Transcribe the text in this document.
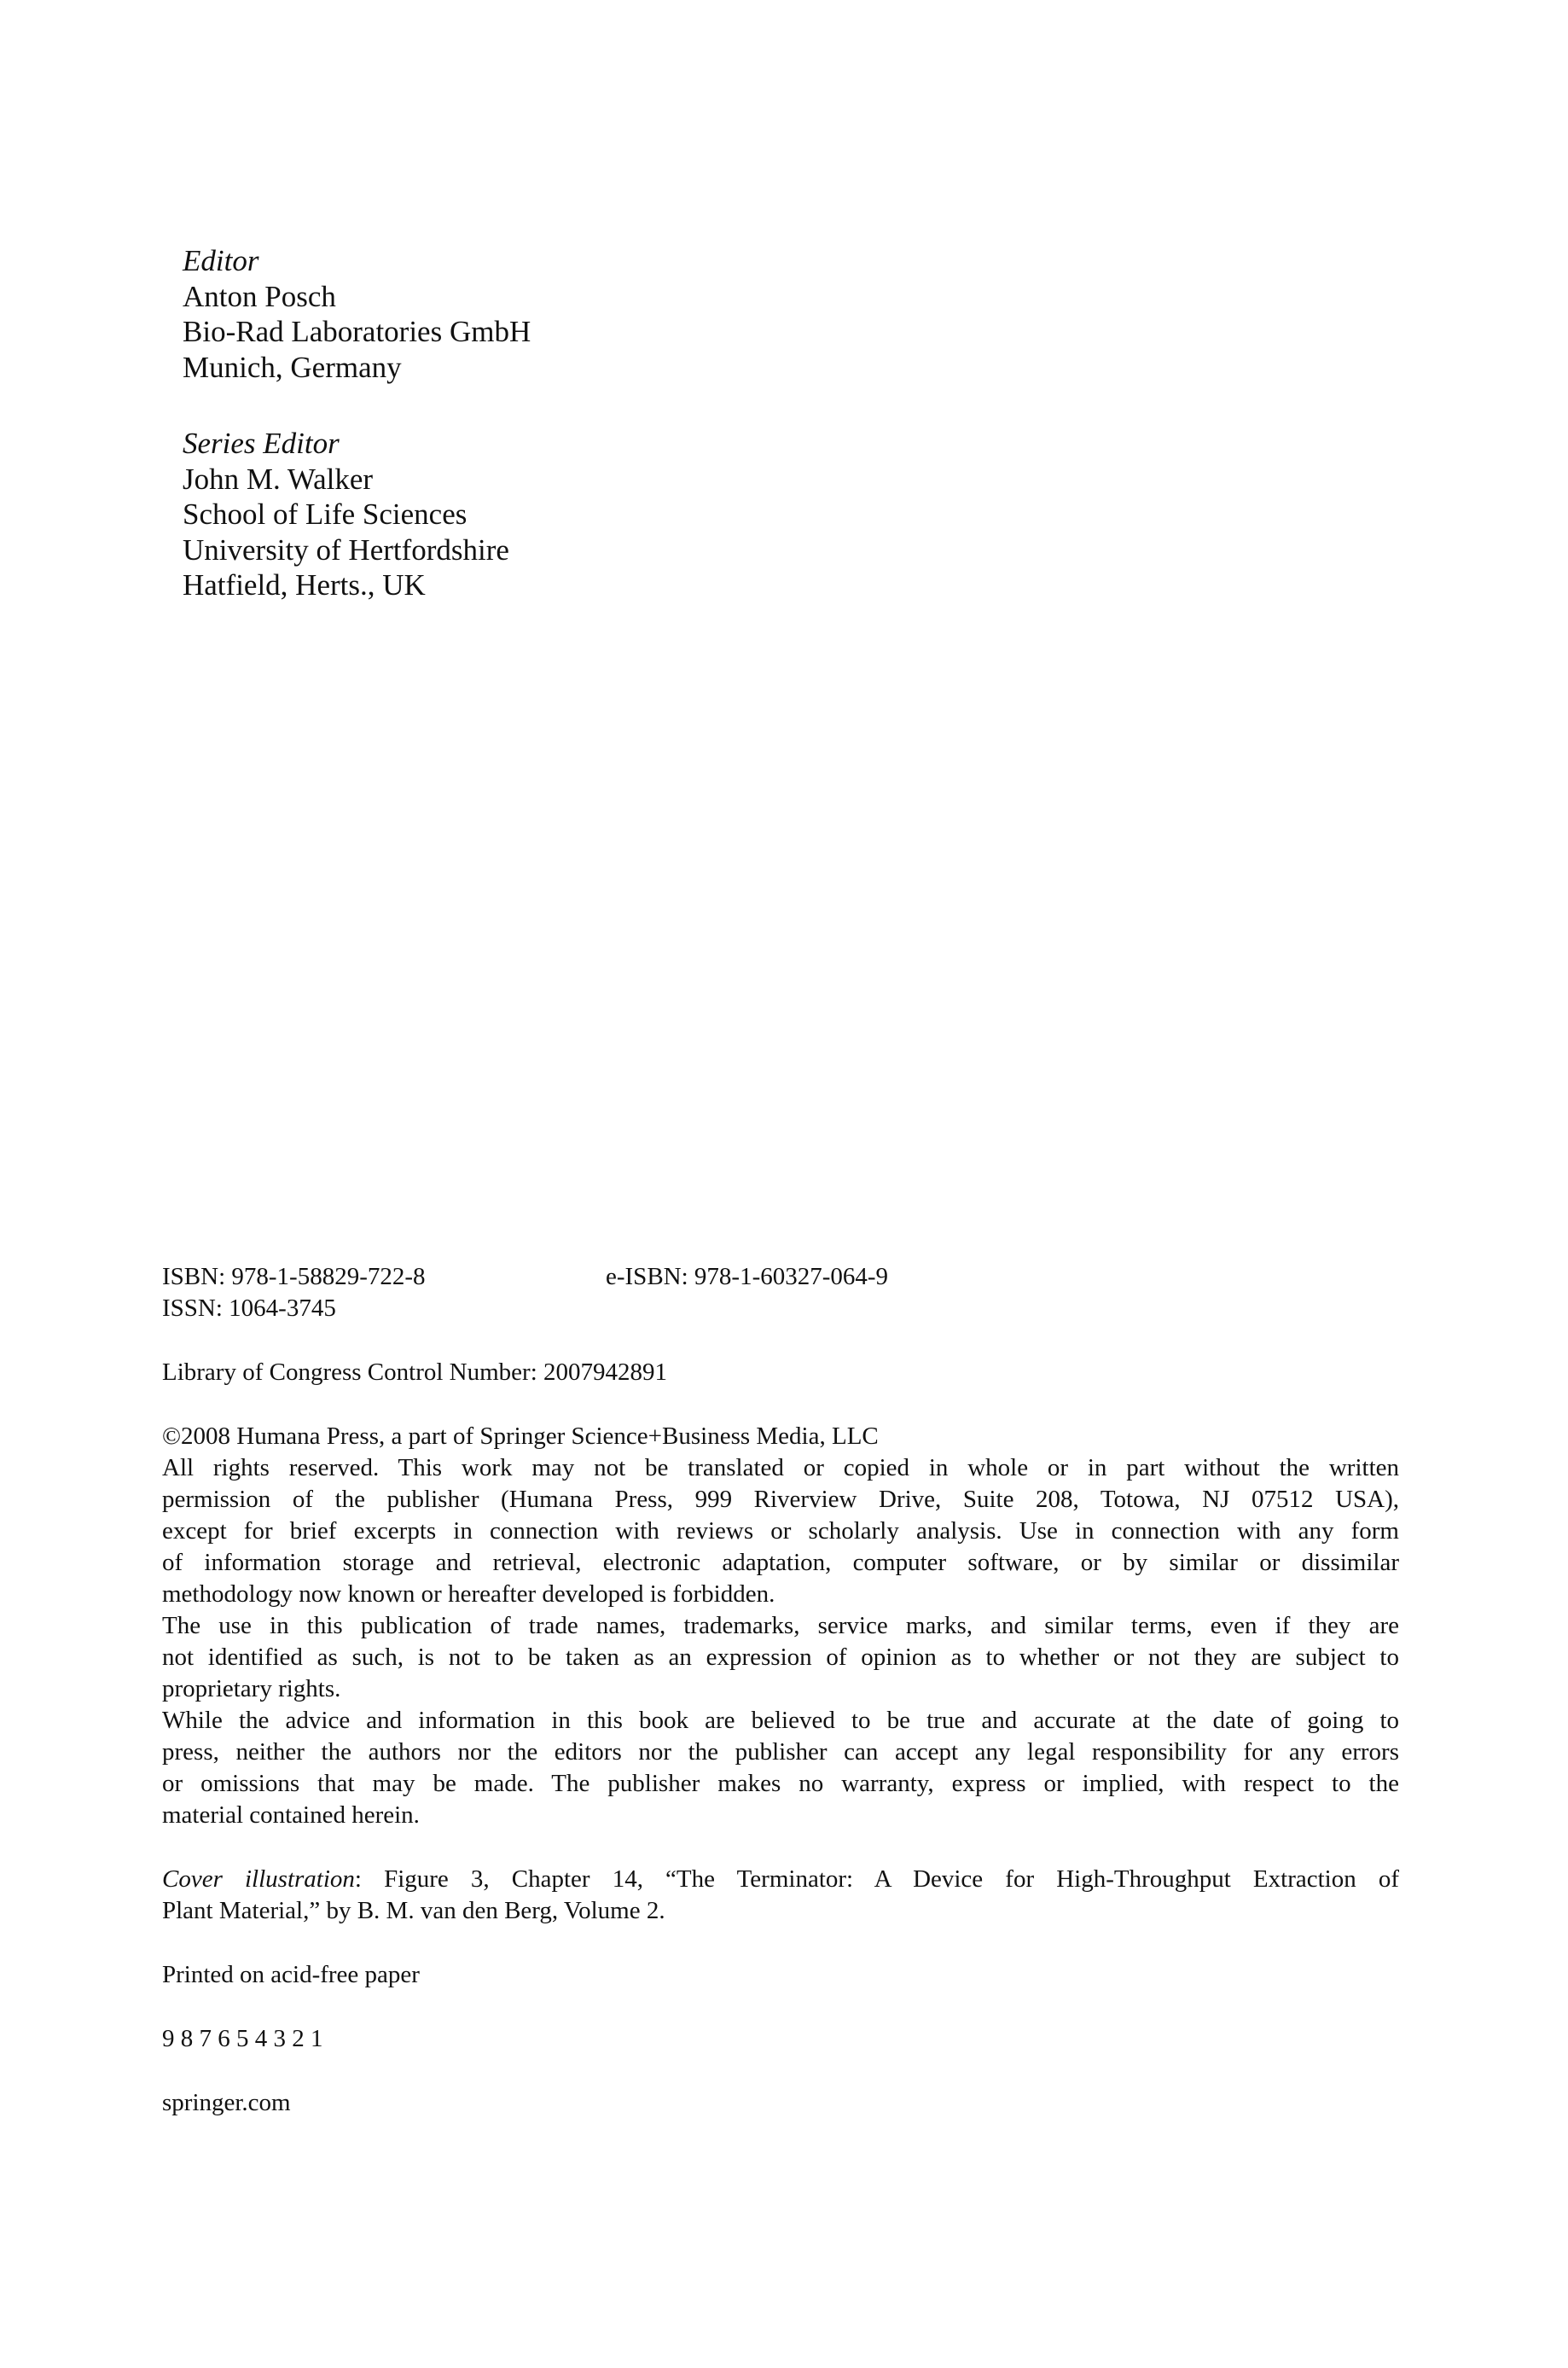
Editor
Anton Posch
Bio-Rad Laboratories GmbH
Munich, Germany
Series Editor
John M. Walker
School of Life Sciences
University of Hertfordshire
Hatfield, Herts., UK
ISBN: 978-1-58829-722-8	e-ISBN: 978-1-60327-064-9
ISSN: 1064-3745
Library of Congress Control Number: 2007942891
©2008 Humana Press, a part of Springer Science+Business Media, LLC
All rights reserved. This work may not be translated or copied in whole or in part without the written
permission of the publisher (Humana Press, 999 Riverview Drive, Suite 208, Totowa, NJ 07512 USA),
except for brief excerpts in connection with reviews or scholarly analysis. Use in connection with any form
of information storage and retrieval, electronic adaptation, computer software, or by similar or dissimilar
methodology now known or hereafter developed is forbidden.
The use in this publication of trade names, trademarks, service marks, and similar terms, even if they are
not identified as such, is not to be taken as an expression of opinion as to whether or not they are subject to
proprietary rights.
While the advice and information in this book are believed to be true and accurate at the date of going to
press, neither the authors nor the editors nor the publisher can accept any legal responsibility for any errors
or omissions that may be made. The publisher makes no warranty, express or implied, with respect to the
material contained herein.
Cover illustration: Figure 3, Chapter 14, “The Terminator: A Device for High-Throughput Extraction of
Plant Material,” by B. M. van den Berg, Volume 2.
Printed on acid-free paper
9 8 7 6 5 4 3 2 1
springer.com
